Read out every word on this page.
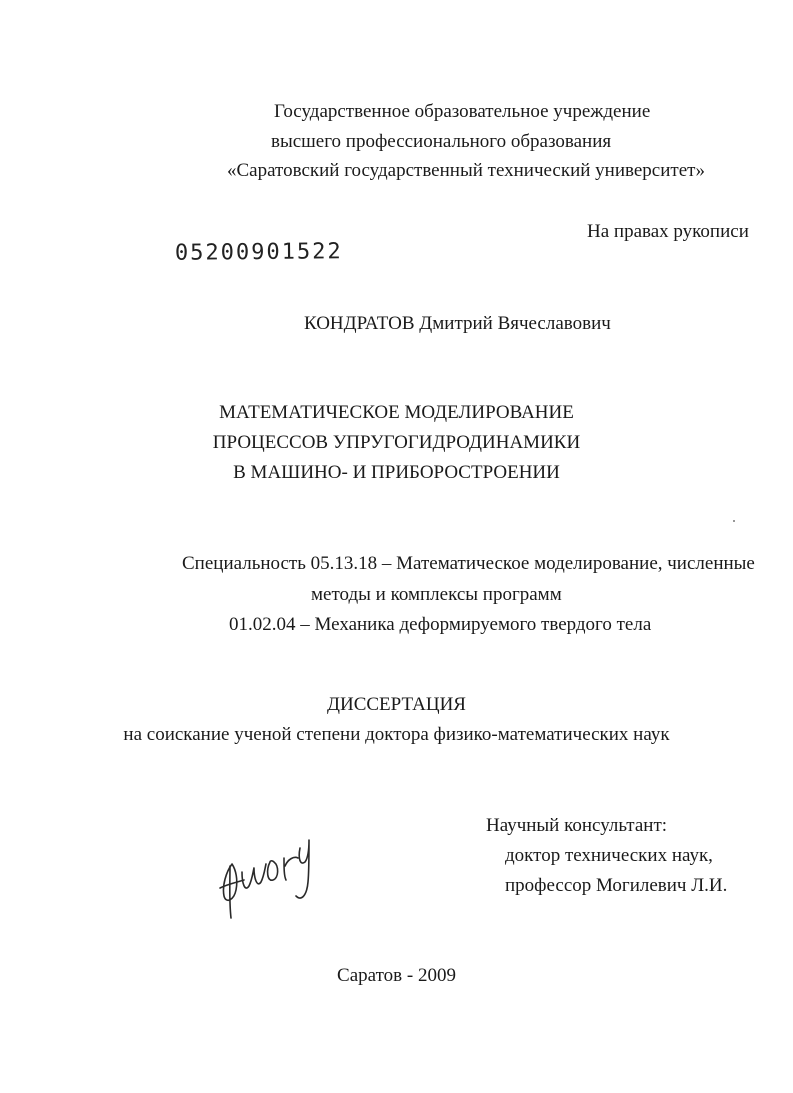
Государственное образовательное учреждение
высшего профессионального образования
«Саратовский государственный технический университет»
На правах рукописи
05200901522
КОНДРАТОВ Дмитрий Вячеславович
МАТЕМАТИЧЕСКОЕ МОДЕЛИРОВАНИЕ
ПРОЦЕССОВ УПРУГОГИДРОДИНАМИКИ
В МАШИНО- И ПРИБОРОСТРОЕНИИ
Специальность 05.13.18 – Математическое моделирование, численные
методы и комплексы программ
01.02.04 – Механика деформируемого твердого тела
ДИССЕРТАЦИЯ
на соискание ученой степени доктора физико-математических наук
Научный консультант:
доктор технических наук,
профессор Могилевич Л.И.
Саратов - 2009
